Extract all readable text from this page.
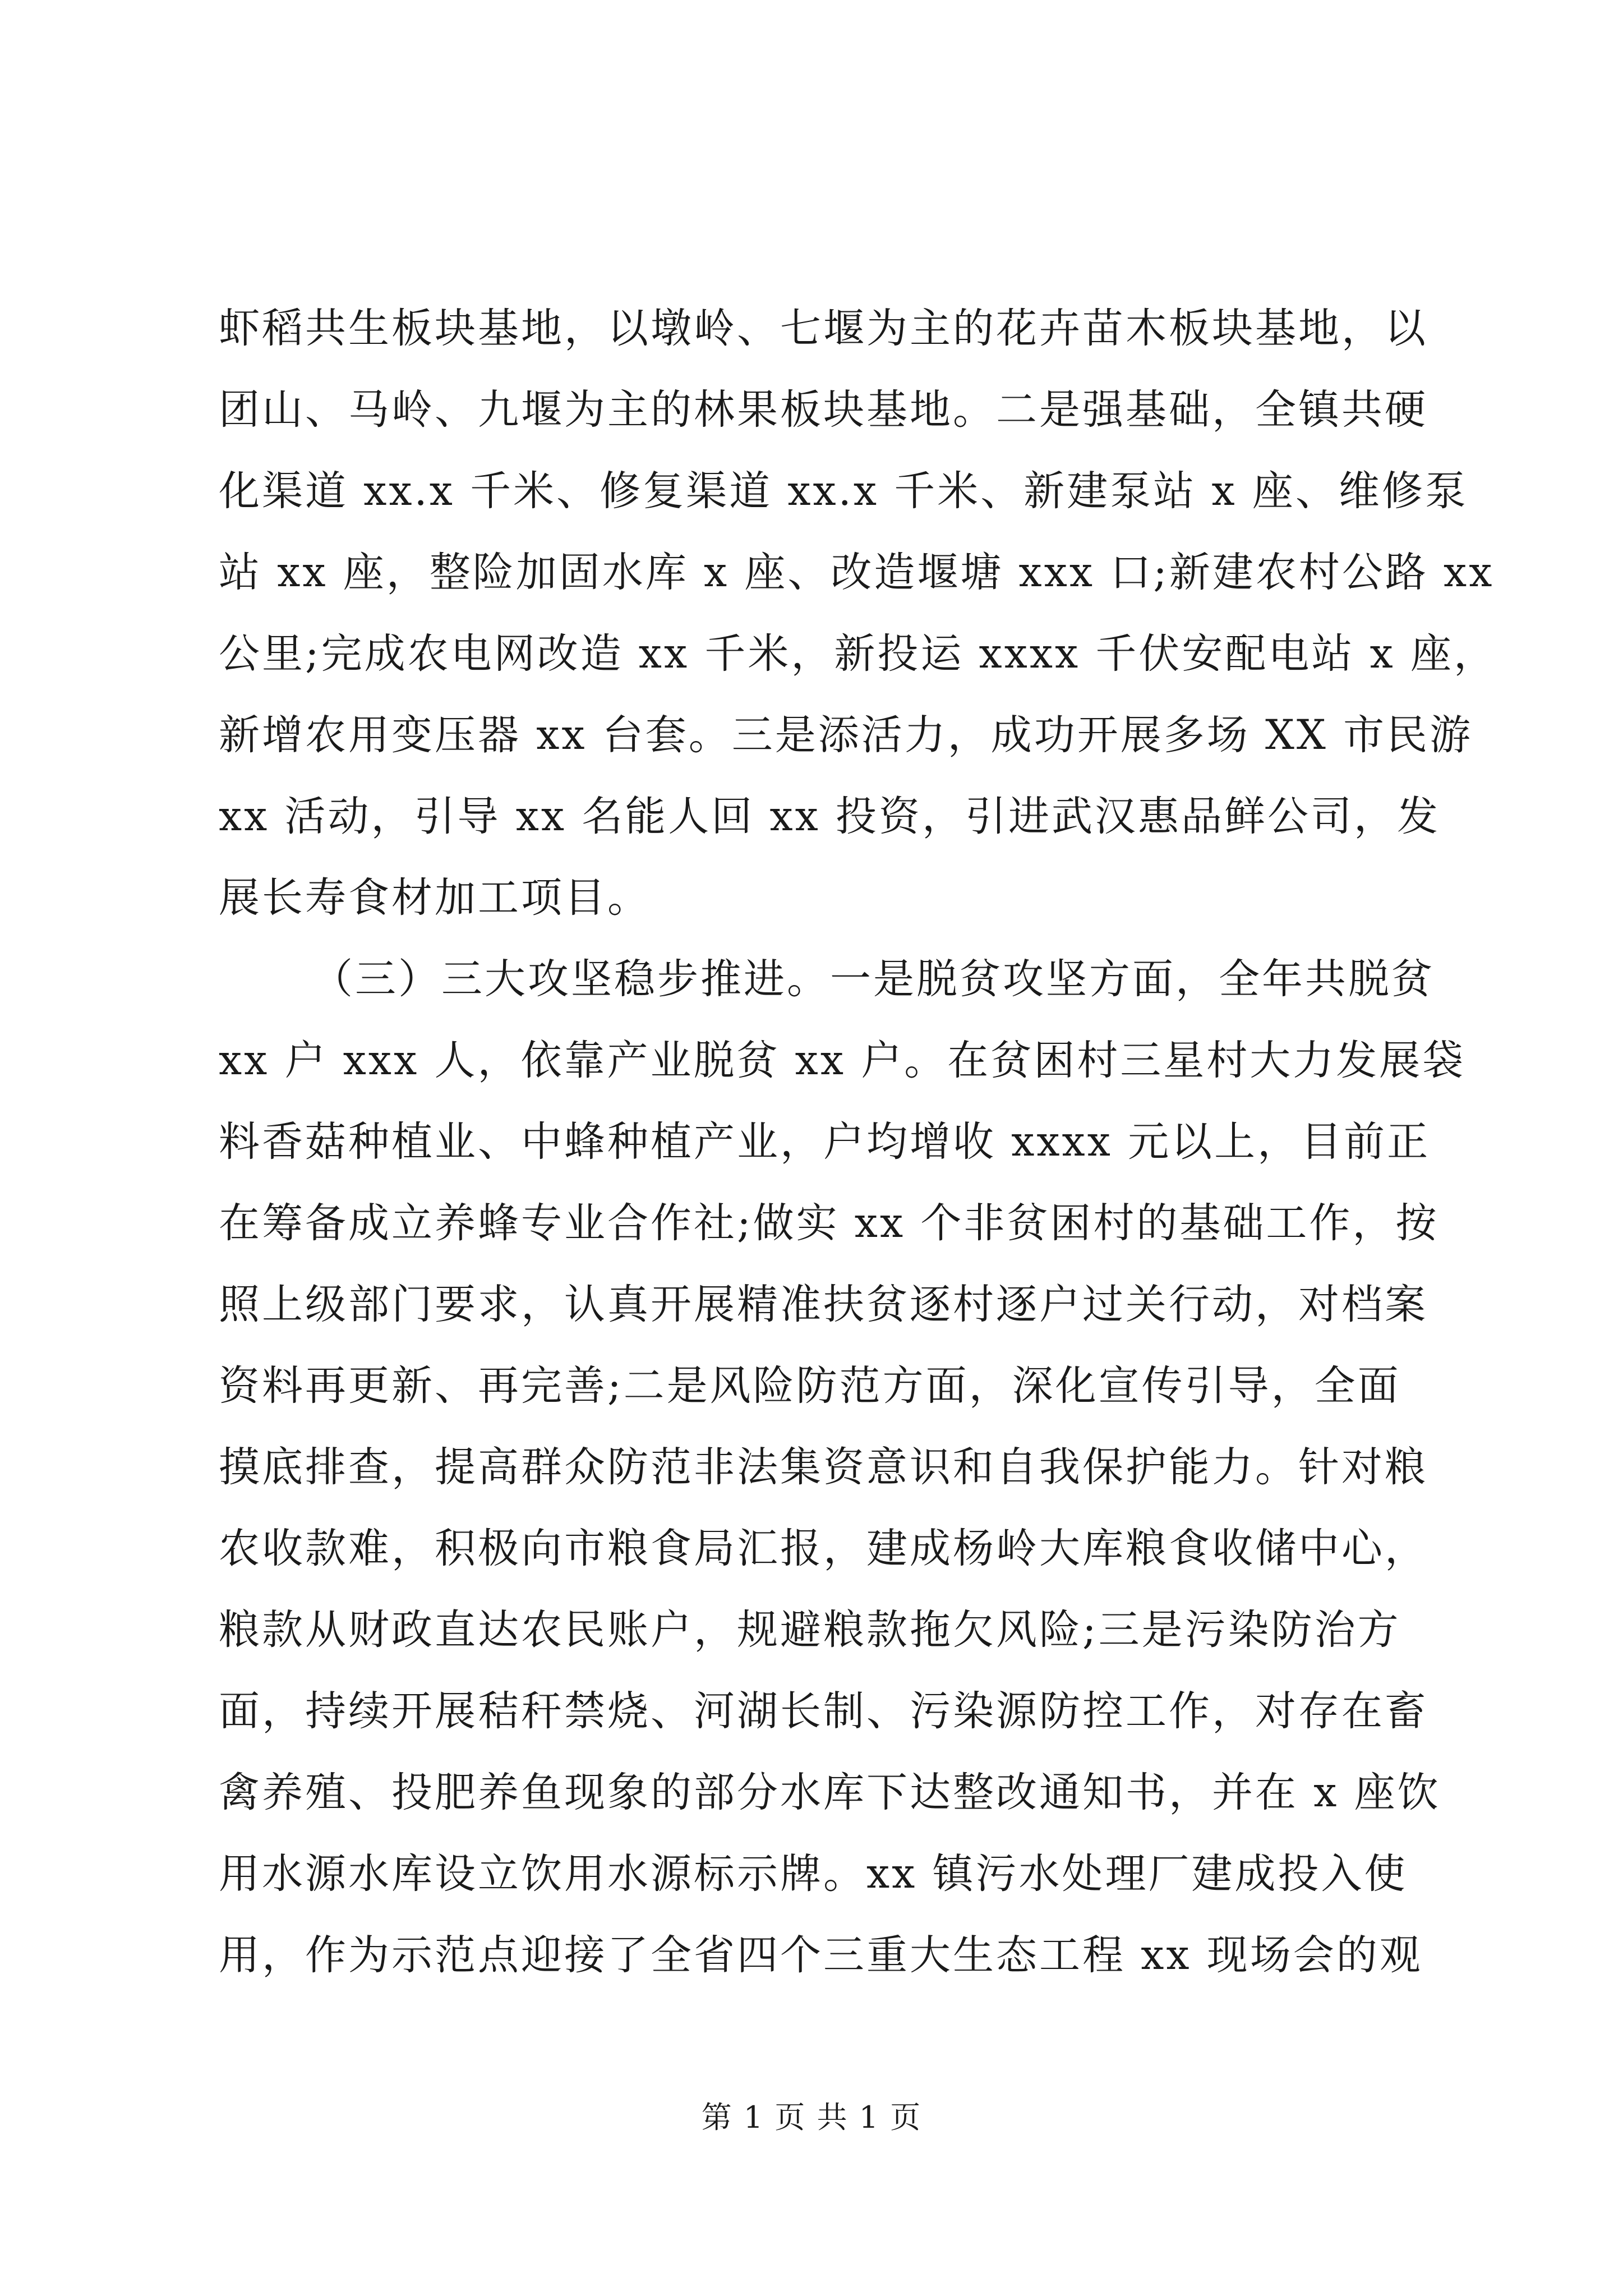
虾稻共生板块基地，以墩岭、七堰为主的花卉苗木板块基地，以
团山、马岭、九堰为主的林果板块基地。二是强基础，全镇共硬
化渠道 xx.x 千米、修复渠道 xx.x 千米、新建泵站 x 座、维修泵
站 xx 座，整险加固水库 x 座、改造堰塘 xxx 口;新建农村公路 xx
公里;完成农电网改造 xx 千米，新投运 xxxx 千伏安配电站 x 座，
新增农用变压器 xx 台套。三是添活力，成功开展多场 XX 市民游
xx 活动，引导 xx 名能人回 xx 投资，引进武汉惠品鲜公司，发
展长寿食材加工项目。
（三）三大攻坚稳步推进。一是脱贫攻坚方面，全年共脱贫
xx 户 xxx 人，依靠产业脱贫 xx 户。在贫困村三星村大力发展袋
料香菇种植业、中蜂种植产业，户均增收 xxxx 元以上，目前正
在筹备成立养蜂专业合作社;做实 xx 个非贫困村的基础工作，按
照上级部门要求，认真开展精准扶贫逐村逐户过关行动，对档案
资料再更新、再完善;二是风险防范方面，深化宣传引导，全面
摸底排查，提高群众防范非法集资意识和自我保护能力。针对粮
农收款难，积极向市粮食局汇报，建成杨岭大库粮食收储中心，
粮款从财政直达农民账户，规避粮款拖欠风险;三是污染防治方
面，持续开展秸秆禁烧、河湖长制、污染源防控工作，对存在畜
禽养殖、投肥养鱼现象的部分水库下达整改通知书，并在 x 座饮
用水源水库设立饮用水源标示牌。xx 镇污水处理厂建成投入使
用，作为示范点迎接了全省四个三重大生态工程 xx 现场会的观
第 1 页 共 1 页
